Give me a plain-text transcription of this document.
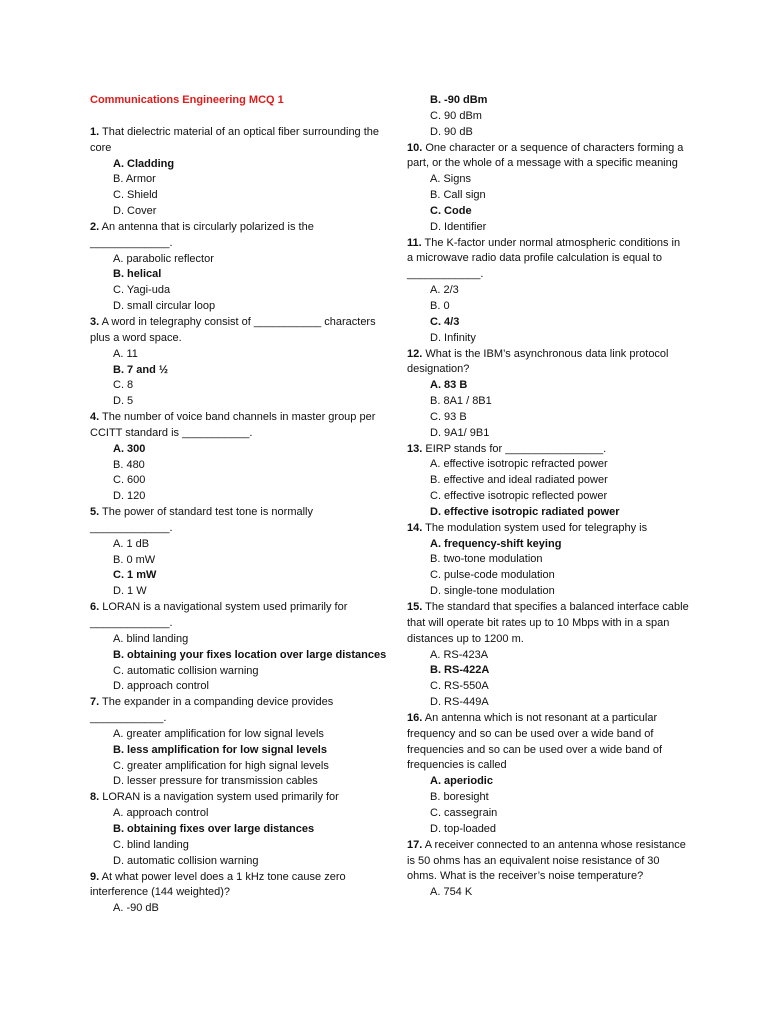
Communications Engineering MCQ 1
1. That dielectric material of an optical fiber surrounding the core
A. Cladding
B. Armor
C. Shield
D. Cover
2. An antenna that is circularly polarized is the _____________.
A. parabolic reflector
B. helical
C. Yagi-uda
D. small circular loop
3. A word in telegraphy consist of ___________ characters plus a word space.
A. 11
B. 7 and ½
C. 8
D. 5
4. The number of voice band channels in master group per CCITT standard is ___________.
A. 300
B. 480
C. 600
D. 120
5. The power of standard test tone is normally _____________.
A. 1 dB
B. 0 mW
C. 1 mW
D. 1 W
6. LORAN is a navigational system used primarily for _____________.
A. blind landing
B. obtaining your fixes location over large distances
C. automatic collision warning
D. approach control
7. The expander in a companding device provides ____________.
A. greater amplification for low signal levels
B. less amplification for low signal levels
C. greater amplification for high signal levels
D. lesser pressure for transmission cables
8. LORAN is a navigation system used primarily for
A. approach control
B. obtaining fixes over large distances
C. blind landing
D. automatic collision warning
9. At what power level does a 1 kHz tone cause zero interference (144 weighted)?
A. -90 dB
B. -90 dBm
C. 90 dBm
D. 90 dB
10. One character or a sequence of characters forming a part, or the whole of a message with a specific meaning
A. Signs
B. Call sign
C. Code
D. Identifier
11. The K-factor under normal atmospheric conditions in a microwave radio data profile calculation is equal to ____________.
A. 2/3
B. 0
C. 4/3
D. Infinity
12. What is the IBM’s asynchronous data link protocol designation?
A. 83 B
B. 8A1 / 8B1
C. 93 B
D. 9A1/ 9B1
13. EIRP stands for ________________.
A. effective isotropic refracted power
B. effective and ideal radiated power
C. effective isotropic reflected power
D. effective isotropic radiated power
14. The modulation system used for telegraphy is
A. frequency-shift keying
B. two-tone modulation
C. pulse-code modulation
D. single-tone modulation
15. The standard that specifies a balanced interface cable that will operate bit rates up to 10 Mbps with in a span distances up to 1200 m.
A. RS-423A
B. RS-422A
C. RS-550A
D. RS-449A
16. An antenna which is not resonant at a particular frequency and so can be used over a wide band of frequencies and so can be used over a wide band of frequencies is called
A. aperiodic
B. boresight
C. cassegrain
D. top-loaded
17. A receiver connected to an antenna whose resistance is 50 ohms has an equivalent noise resistance of 30 ohms. What is the receiver’s noise temperature?
A. 754 K
